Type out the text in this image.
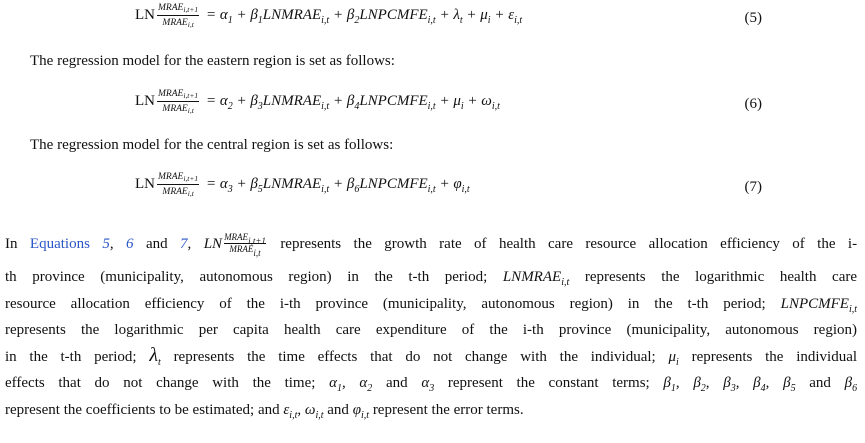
LN $\frac{MRAE_{i,t+1}}{MRAE_{i,t}} = \alpha_1$ + $\beta_1LNMRAE_{i,t}$ + $\beta_2LNPCMFE_{i,t} + \lambda_t + \mu_i + \varepsilon_{i,t}$	(5)
The regression model for the eastern region is set as follows:
LN $\frac{MRAE_{i,t+1}}{MRAE_{i,t}} = \alpha_2$ + $\beta_3LNMRAE_{i,t}$ + $\beta_4LNPCMFE_{i,t} + \mu_i + \omega_{i,t}$	(6)
The regression model for the central region is set as follows:
LN $\frac{MRAE_{i,t+1}}{MRAE_{i,t}} = \alpha_3$ + $\beta_5LNMRAE_{i,t}$ + $\beta_6LNPCMFE_{i,t} + \varphi_{i,t}$	(7)
In Equations 5, 6 and 7, LN MRAEi,t+1
MRAEi,t
represents the growth rate of health care resource allocation efficiency of the i-
th province (municipality, autonomous region) in the t-th period; $LNMRAE_{i,t}$ represents the logarithmic health care
resource allocation efficiency of the i-th province (municipality, autonomous region) in the t-th period; $LNPCMFE_{i,t}$
represents the logarithmic per capita health care expenditure of the i-th province (municipality, autonomous region)
in the t-th period; $\lambda_t$ represents the time effects that do not change with the individual; $\mu_i$ represents the individual
effects that do not change with the time; $\alpha_1$, $\alpha_2$ and $\alpha_3$ represent the constant terms; $\beta_1$, $\beta_2$, $\beta_3$, $\beta_4$, $\beta_5$ and $\beta_6$
represent the coefficients to be estimated; and $\varepsilon_{i,t}$, $\omega_{i,t}$ and $\varphi_{i,t}$ represent the error terms.
